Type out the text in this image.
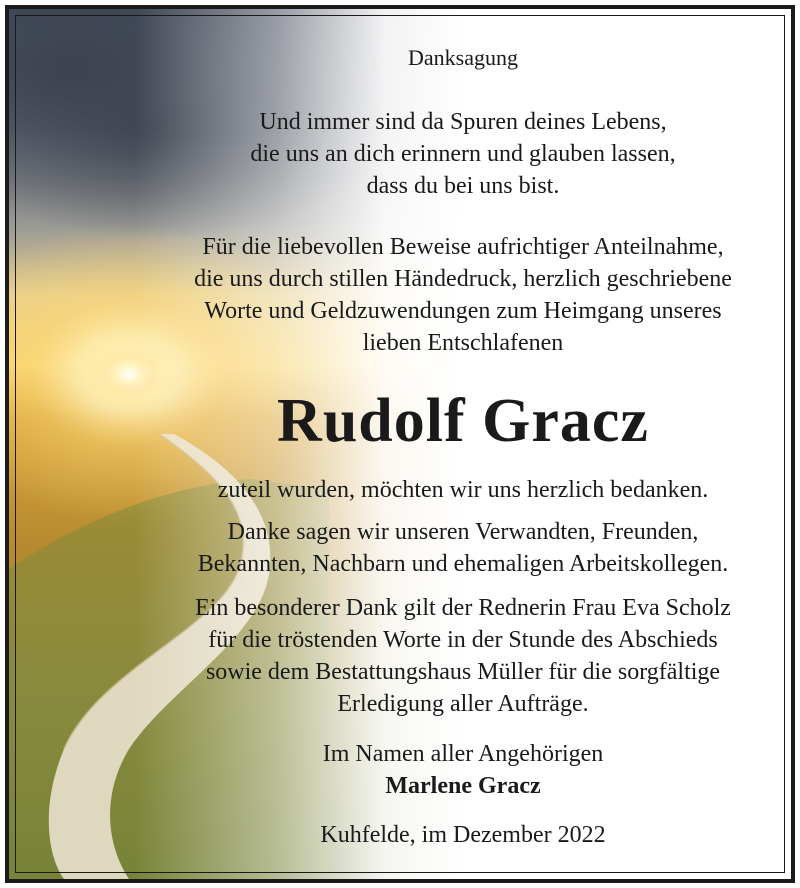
Danksagung
Und immer sind da Spuren deines Lebens,
die uns an dich erinnern und glauben lassen,
dass du bei uns bist.
Für die liebevollen Beweise aufrichtiger Anteilnahme,
die uns durch stillen Händedruck, herzlich geschriebene
Worte und Geldzuwendungen zum Heimgang unseres
lieben Entschlafenen
Rudolf Gracz
zuteil wurden, möchten wir uns herzlich bedanken.
Danke sagen wir unseren Verwandten, Freunden,
Bekannten, Nachbarn und ehemaligen Arbeitskollegen.
Ein besonderer Dank gilt der Rednerin Frau Eva Scholz
für die tröstenden Worte in der Stunde des Abschieds
sowie dem Bestattungshaus Müller für die sorgfältige
Erledigung aller Aufträge.
Im Namen aller Angehörigen
Marlene Gracz
Kuhfelde, im Dezember 2022
